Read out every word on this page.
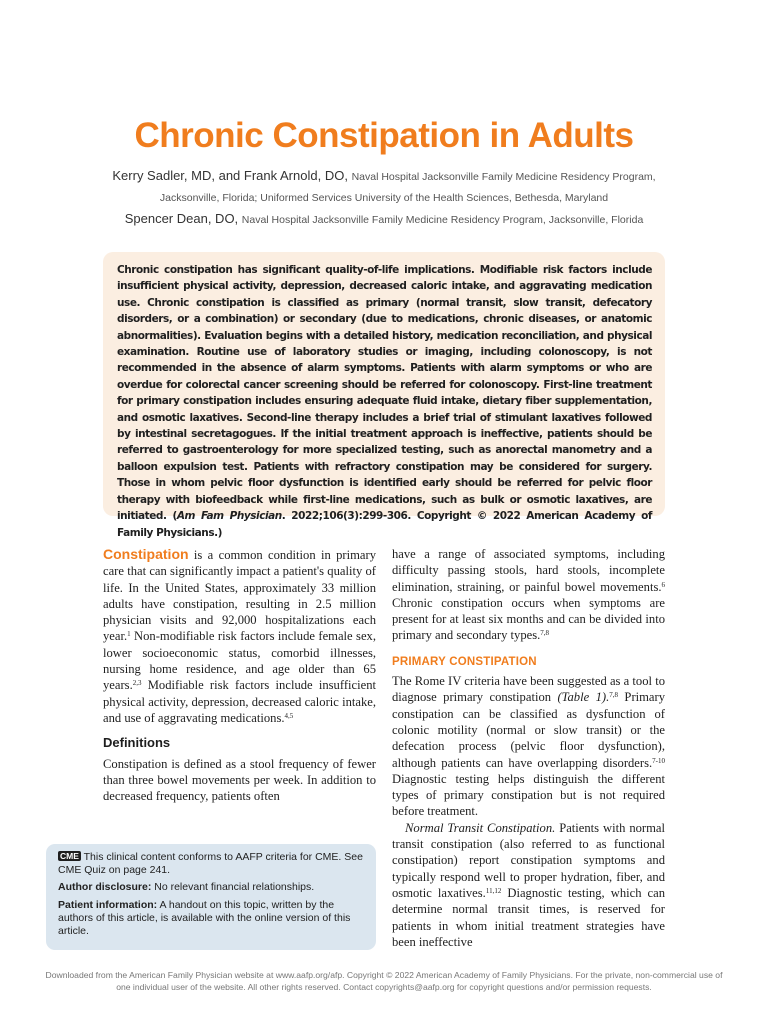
Chronic Constipation in Adults
Kerry Sadler, MD, and Frank Arnold, DO, Naval Hospital Jacksonville Family Medicine Residency Program, Jacksonville, Florida; Uniformed Services University of the Health Sciences, Bethesda, Maryland
Spencer Dean, DO, Naval Hospital Jacksonville Family Medicine Residency Program, Jacksonville, Florida
Chronic constipation has significant quality-of-life implications. Modifiable risk factors include insufficient physical activity, depression, decreased caloric intake, and aggravating medication use. Chronic constipation is classified as primary (normal transit, slow transit, defecatory disorders, or a combination) or secondary (due to medications, chronic diseases, or anatomic abnormalities). Evaluation begins with a detailed history, medication reconciliation, and physical examination. Routine use of laboratory studies or imaging, including colonoscopy, is not recommended in the absence of alarm symptoms. Patients with alarm symptoms or who are overdue for colorectal cancer screening should be referred for colonoscopy. First-line treatment for primary constipation includes ensuring adequate fluid intake, dietary fiber supplementation, and osmotic laxatives. Second-line therapy includes a brief trial of stimulant laxatives followed by intestinal secretagogues. If the initial treatment approach is ineffective, patients should be referred to gastroenterology for more specialized testing, such as anorectal manometry and a balloon expulsion test. Patients with refractory constipation may be considered for surgery. Those in whom pelvic floor dysfunction is identified early should be referred for pelvic floor therapy with biofeedback while first-line medications, such as bulk or osmotic laxatives, are initiated. (Am Fam Physician. 2022;106(3):299-306. Copyright © 2022 American Academy of Family Physicians.)

Constipation is a common condition in primary care that can significantly impact a patient's quality of life. In the United States, approximately 33 million adults have constipation, resulting in 2.5 million physician visits and 92,000 hospitalizations each year.$^1$ Non-modifiable risk factors include female sex, lower socioeconomic status, comorbid illnesses, nursing home residence, and age older than 65 years.$^{2,3}$ Modifiable risk factors include insufficient physical activity, depression, decreased caloric intake, and use of aggravating medications.$^{4,5}$

Definitions

Constipation is defined as a stool frequency of fewer than three bowel movements per week. In addition to decreased frequency, patients often

have a range of associated symptoms, including difficulty passing stools, hard stools, incomplete elimination, straining, or painful bowel movements.$^6$ Chronic constipation occurs when symptoms are present for at least six months and can be divided into primary and secondary types.$^{7,8}$

PRIMARY CONSTIPATION

The Rome IV criteria have been suggested as a tool to diagnose primary constipation (Table 1).$^{7,8}$ Primary constipation can be classified as dysfunction of colonic motility (normal or slow transit) or the defecation process (pelvic floor dysfunction), although patients can have overlapping disorders.$^{7-10}$ Diagnostic testing helps distinguish the different types of primary constipation but is not required before treatment.

Normal Transit Constipation. Patients with normal transit constipation (also referred to as functional constipation) report constipation symptoms and typically respond well to proper hydration, fiber, and osmotic laxatives.$^{11,12}$ Diagnostic testing, which can determine normal transit times, is reserved for patients in whom initial treatment strategies have been ineffective

CME This clinical content conforms to AAFP criteria for CME. See CME Quiz on page 241.

Author disclosure: No relevant financial relationships.

Patient information: A handout on this topic, written by the authors of this article, is available with the online version of this article.

Downloaded from the American Family Physician website at www.aafp.org/afp. Copyright © 2022 American Academy of Family Physicians. For the private, non-commercial use of one individual user of the website. All other rights reserved. Contact copyrights@aafp.org for copyright questions and/or permission requests.
